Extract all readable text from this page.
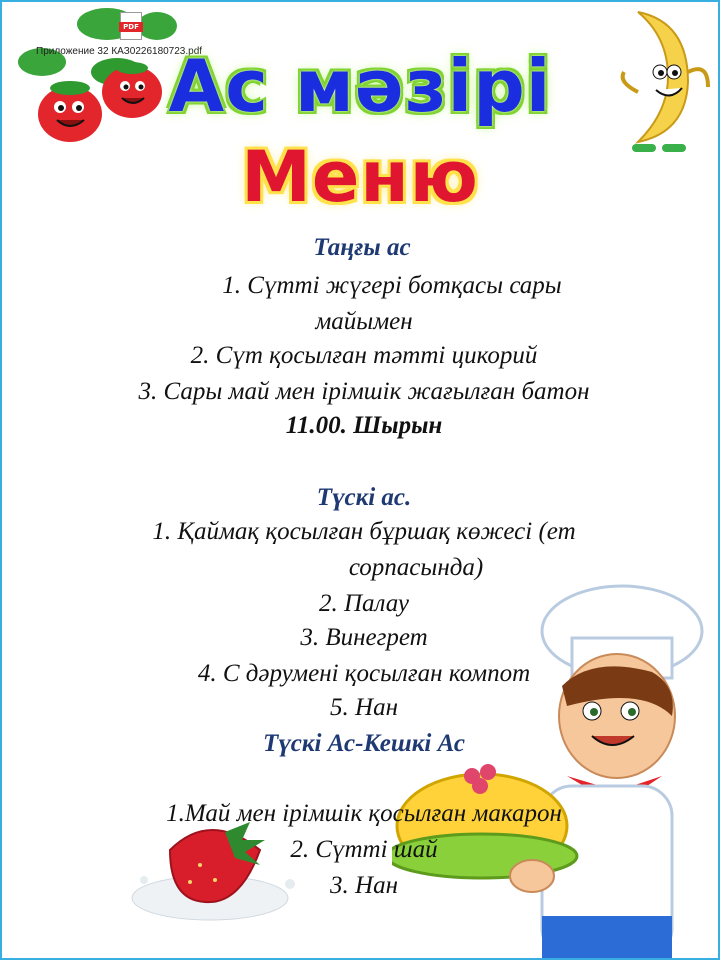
PDF
Приложение 32 КАЗ0226180723.pdf
Ас мәзірі
Меню
Таңғы ас
1. Сүтті жүгері ботқасы сары
майымен
2. Сүт қосылған тәтті цикорий
3. Сары май мен ірімшік жағылған батон
11.00. Шырын
Түскі ас.
1. Қаймақ қосылған бұршақ көжесі (ет
сорпасында)
2. Палау
3. Винегрет
4. С дәрумені қосылған компот
5. Нан
Түскі Ас-Кешкі Ас
1.Май мен ірімшік қосылған макарон
2. Сүтті шай
3. Нан
